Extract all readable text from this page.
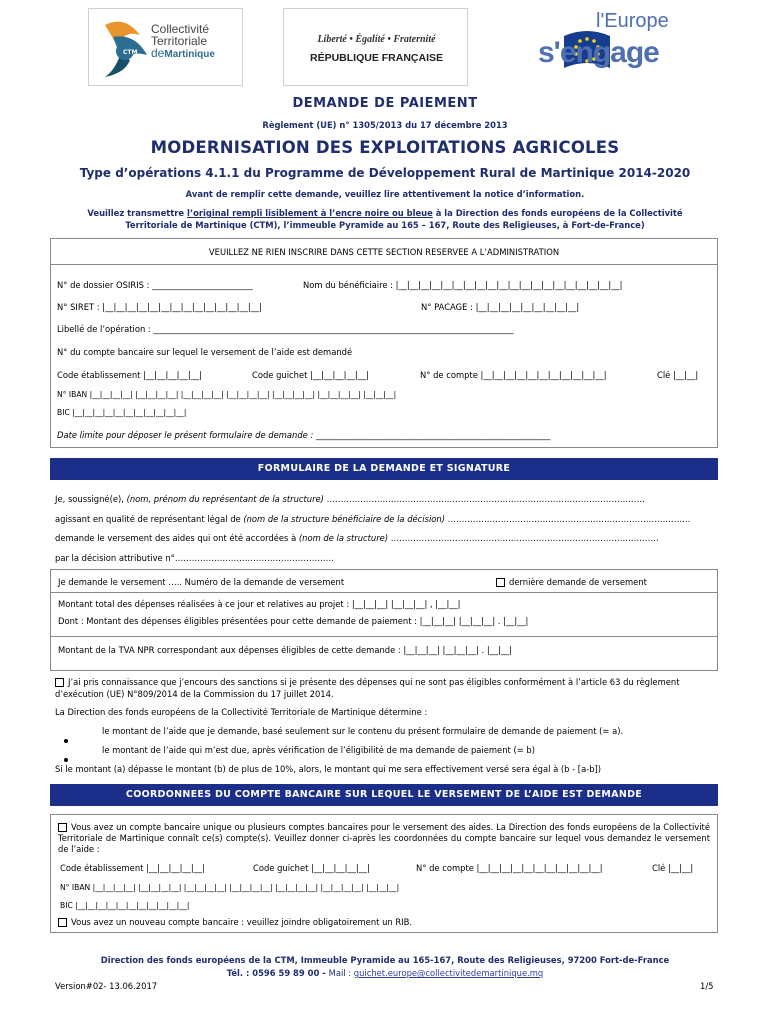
CTM
Collectivité
Territoriale
deMartinique
Liberté • Égalité • Fraternité
RÉPUBLIQUE FRANÇAISE
l'Europe
s'engage
DEMANDE DE PAIEMENT
Règlement (UE) n° 1305/2013 du 17 décembre 2013
MODERNISATION DES EXPLOITATIONS AGRICOLES
Type d’opérations 4.1.1 du Programme de Développement Rural de Martinique 2014-2020
Avant de remplir cette demande, veuillez lire attentivement la notice d’information.
Veuillez transmettre l’original rempli lisiblement à l’encre noire ou bleue à la Direction des fonds européens de la Collectivité
Territoriale de Martinique (CTM), l’immeuble Pyramide au 165 – 167, Route des Religieuses, à Fort-de-France)
VEUILLEZ NE RIEN INSCRIRE DANS CETTE SECTION RESERVEE A L’ADMINISTRATION
N° de dossier OSIRIS : ________________________	Nom du bénéficiaire : |__|__|__|__|__|__|__|__|__|__|__|__|__|__|__|__|__|__|__|__|
N° SIRET : |__|__|__|__|__|__|__|__|__|__|__|__|__|__|	N° PACAGE : |__|__|__|__|__|__|__|__|__|
Libellé de l’opération : ______________________________________________________________________________________
N° du compte bancaire sur lequel le versement de l’aide est demandé
Code établissement |__|__|__|__|__|	Code guichet |__|__|__|__|__|	N° de compte |__|__|__|__|__|__|__|__|__|__|__|	Clé |__|__|
N° IBAN |__|__|__|__| |__|__|__|__| |__|__|__|__| |__|__|__|__| |__|__|__|__| |__|__|__|__| |__|__|__|
BIC |__|__|__|__|__|__|__|__|__|__|__|
Date limite pour déposer le présent formulaire de demande : ________________________________________________________
FORMULAIRE DE LA DEMANDE ET SIGNATURE
Je, soussigné(e), (nom, prénom du représentant de la structure) ……………………………………………………………………………………………………
agissant en qualité de représentant légal de (nom de la structure bénéficiaire de la décision) ……………………………………………………………………………
demande le versement des aides qui ont été accordées à (nom de la structure) ……………………………………………………………………………………
par la décision attributive n°…………………………………………………
Je demande le versement ….. Numéro de la demande de versement	dernière demande de versement
Montant total des dépenses réalisées à ce jour et relatives au projet : |__|__|__| |__|__|__| , |__|__|
Dont : Montant des dépenses éligibles présentées pour cette demande de paiement : |__|__|__| |__|__|__| . |__|__|
Montant de la TVA NPR correspondant aux dépenses éligibles de cette demande : |__|__|__| |__|__|__| . |__|__|
J’ai pris connaissance que j’encours des sanctions si je présente des dépenses qui ne sont pas éligibles conformément à l’article 63 du règlement d’exécution (UE) N°809/2014 de la Commission du 17 juillet 2014.
La Direction des fonds européens de la Collectivité Territoriale de Martinique détermine :
le montant de l’aide que je demande, basé seulement sur le contenu du présent formulaire de demande de paiement (= a).
le montant de l’aide qui m’est due, après vérification de l’éligibilité de ma demande de paiement (= b)
Si le montant (a) dépasse le montant (b) de plus de 10%, alors, le montant qui me sera effectivement versé sera égal à (b - [a-b])
COORDONNEES DU COMPTE BANCAIRE SUR LEQUEL LE VERSEMENT DE L’AIDE EST DEMANDE
Vous avez un compte bancaire unique ou plusieurs comptes bancaires pour le versement des aides. La Direction des fonds européens de la Collectivité Territoriale de Martinique connaît ce(s) compte(s). Veuillez donner ci-après les coordonnées du compte bancaire sur lequel vous demandez le versement de l’aide :
Code établissement |__|__|__|__|__|	Code guichet |__|__|__|__|__|	N° de compte |__|__|__|__|__|__|__|__|__|__|__|	Clé |__|__|
N° IBAN |__|__|__|__| |__|__|__|__| |__|__|__|__| |__|__|__|__| |__|__|__|__| |__|__|__|__| |__|__|__|
BIC |__|__|__|__|__|__|__|__|__|__|__|
Vous avez un nouveau compte bancaire : veuillez joindre obligatoirement un RIB.
Direction des fonds européens de la CTM, Immeuble Pyramide au 165-167, Route des Religieuses, 97200 Fort-de-France
Tél. : 0596 59 89 00 - Mail : guichet.europe@collectivitedemartinique.mq
Version#02- 13.06.2017	1/5
